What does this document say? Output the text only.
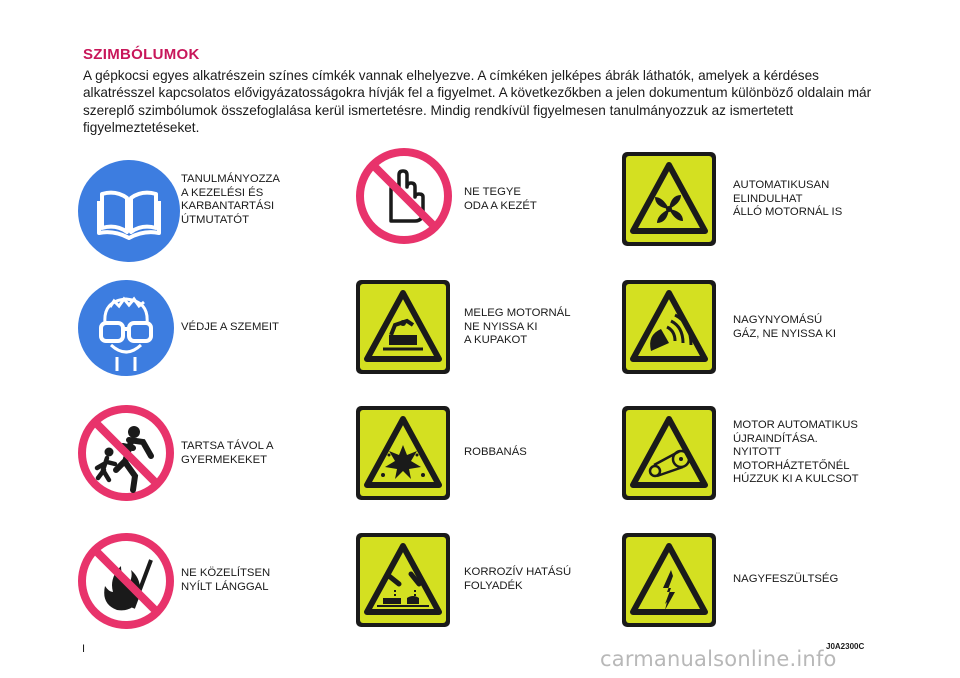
SZIMBÓLUMOK
A gépkocsi egyes alkatrészein színes címkék vannak elhelyezve. A címkéken jelképes ábrák láthatók, amelyek a kérdéses alkatrésszel kapcsolatos elővigyázatosságokra hívják fel a figyelmet. A következőkben a jelen dokumentum különböző oldalain már szereplő szimbólumok összefoglalása kerül ismertetésre. Mindig rendkívül figyelmesen tanulmányozzuk az ismertetett figyelmeztetéseket.
TANULMÁNYOZZA
A KEZELÉSI ÉS
KARBANTARTÁSI
ÚTMUTATÓT
VÉDJE A SZEMEIT
TARTSA TÁVOL A
GYERMEKEKET
NE KÖZELÍTSEN
NYÍLT LÁNGGAL
NE TEGYE
ODA A KEZÉT
MELEG MOTORNÁL
NE NYISSA KI
A KUPAKOT
ROBBANÁS
KORROZÍV HATÁSÚ
FOLYADÉK
AUTOMATIKUSAN
ELINDULHAT
ÁLLÓ MOTORNÁL IS
NAGYNYOMÁSÚ
GÁZ, NE NYISSA KI
MOTOR AUTOMATIKUS
ÚJRAINDÍTÁSA.
NYITOTT
MOTORHÁZTETŐNÉL
HÚZZUK KI A KULCSOT
NAGYFESZÜLTSÉG
I	J0A2300C
carmanualsonline.info
